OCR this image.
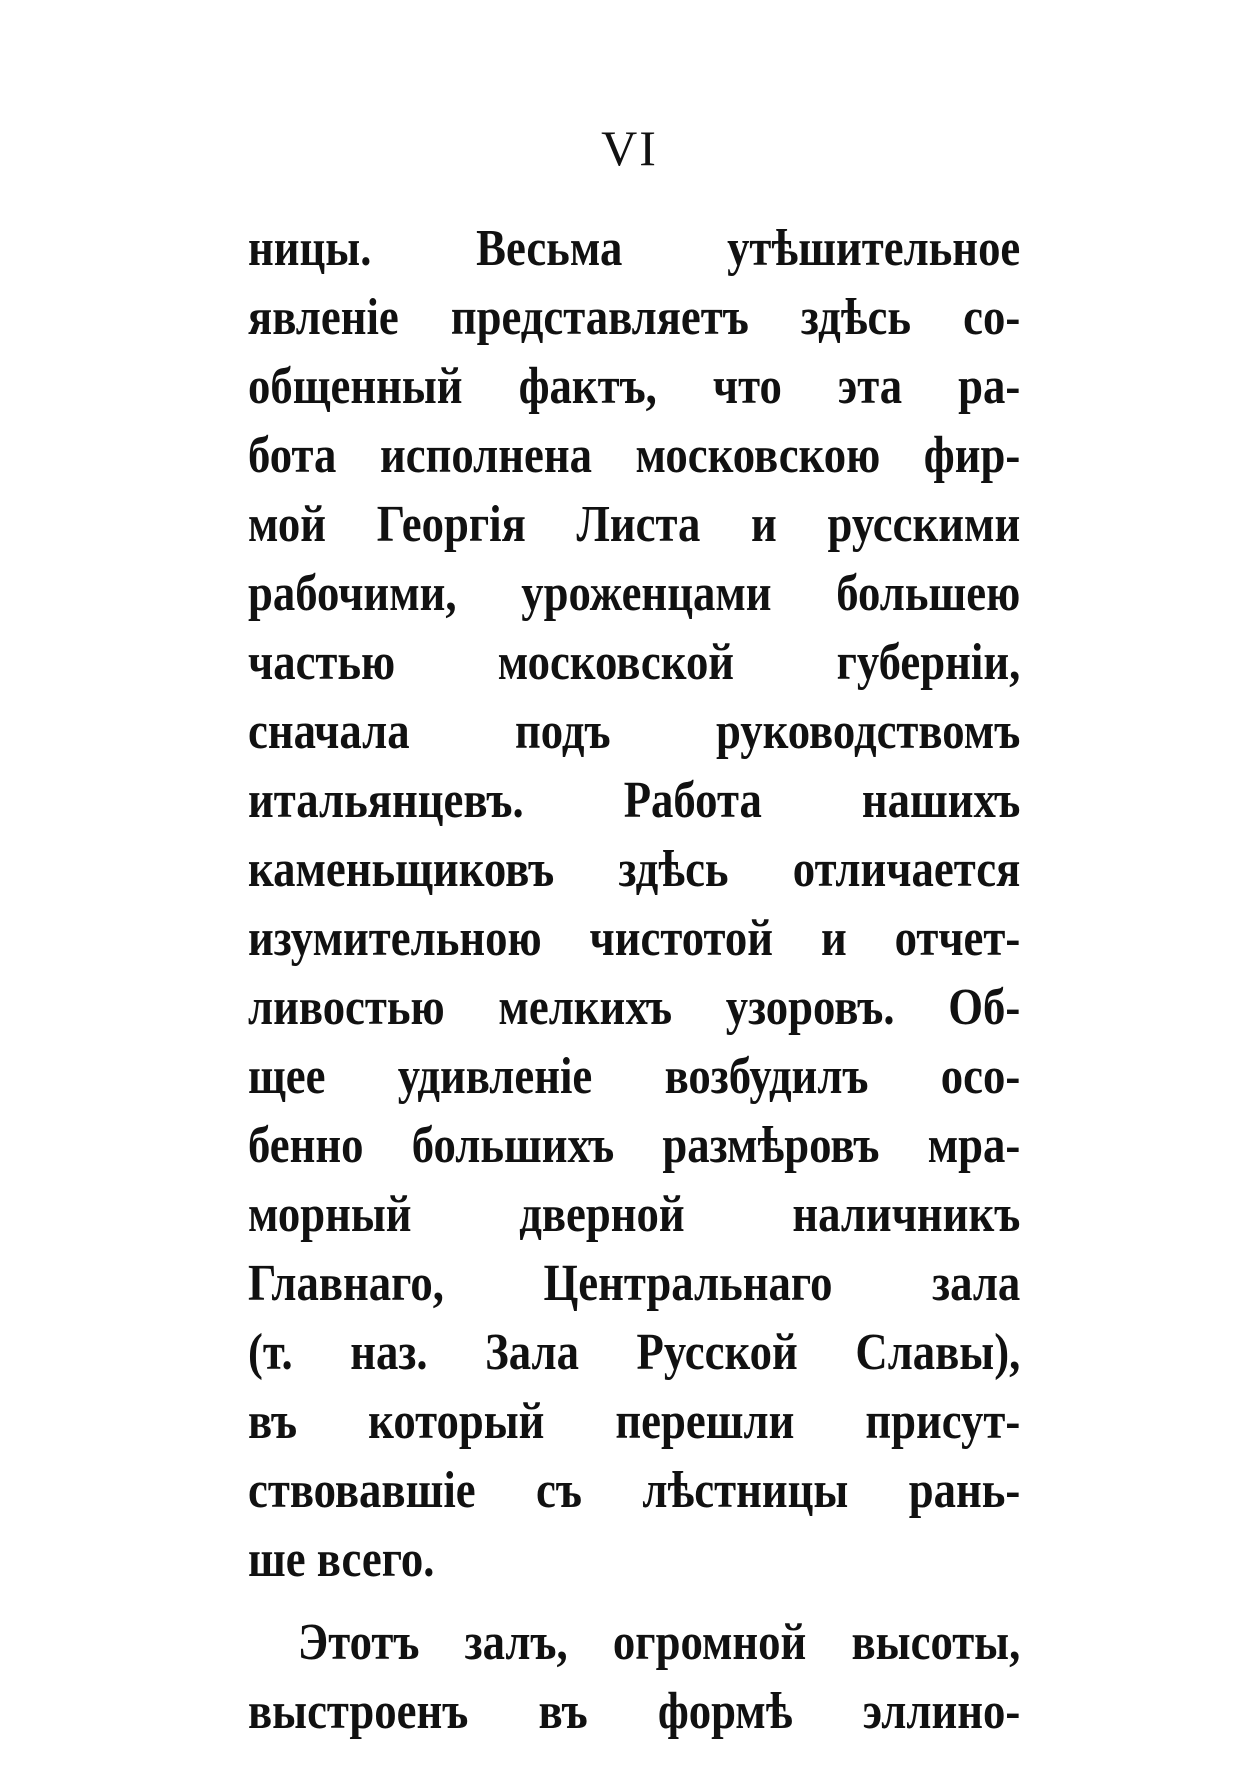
VI
ницы. Весьма утѣшительное
явленіе представляетъ здѣсь со-
общенный фактъ, что эта ра-
бота исполнена московскою фир-
мой Георгія Листа и русскими
рабочими, уроженцами большею
частью московской губерніи,
сначала подъ руководствомъ
итальянцевъ. Работа нашихъ
каменьщиковъ здѣсь отличается
изумительною чистотой и отчет-
ливостью мелкихъ узоровъ. Об-
щее удивленіе возбудилъ осо-
бенно большихъ размѣровъ мра-
морный дверной наличникъ
Главнаго, Центральнаго зала
(т. наз. Зала Русской Славы),
въ который перешли присут-
ствовавшіе съ лѣстницы рань-
ше всего.
Этотъ залъ, огромной высоты,
выстроенъ въ формѣ эллино-
